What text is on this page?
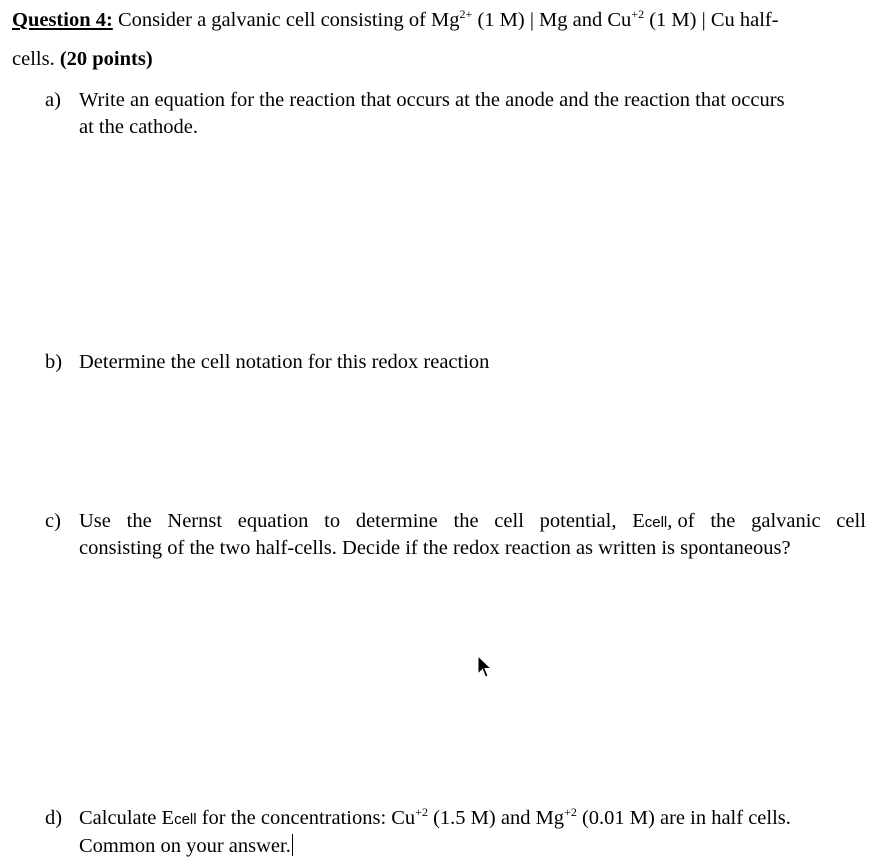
Question 4: Consider a galvanic cell consisting of $Mg^{2+}$ (1 M) | Mg and $Cu^{+2}$ (1 M) | Cu half-
cells. (20 points)
a) Write an equation for the reaction that occurs at the anode and the reaction that occurs
at the cathode.
b) Determine the cell notation for this redox reaction
c) Use the Nernst equation to determine the cell potential, Ecell, of the galvanic cell
consisting of the two half-cells. Decide if the redox reaction as written is spontaneous?
d) Calculate Ecell for the concentrations: $Cu^{+2}$ (1.5 M) and $Mg^{+2}$ (0.01 M) are in half cells.
Common on your answer.
